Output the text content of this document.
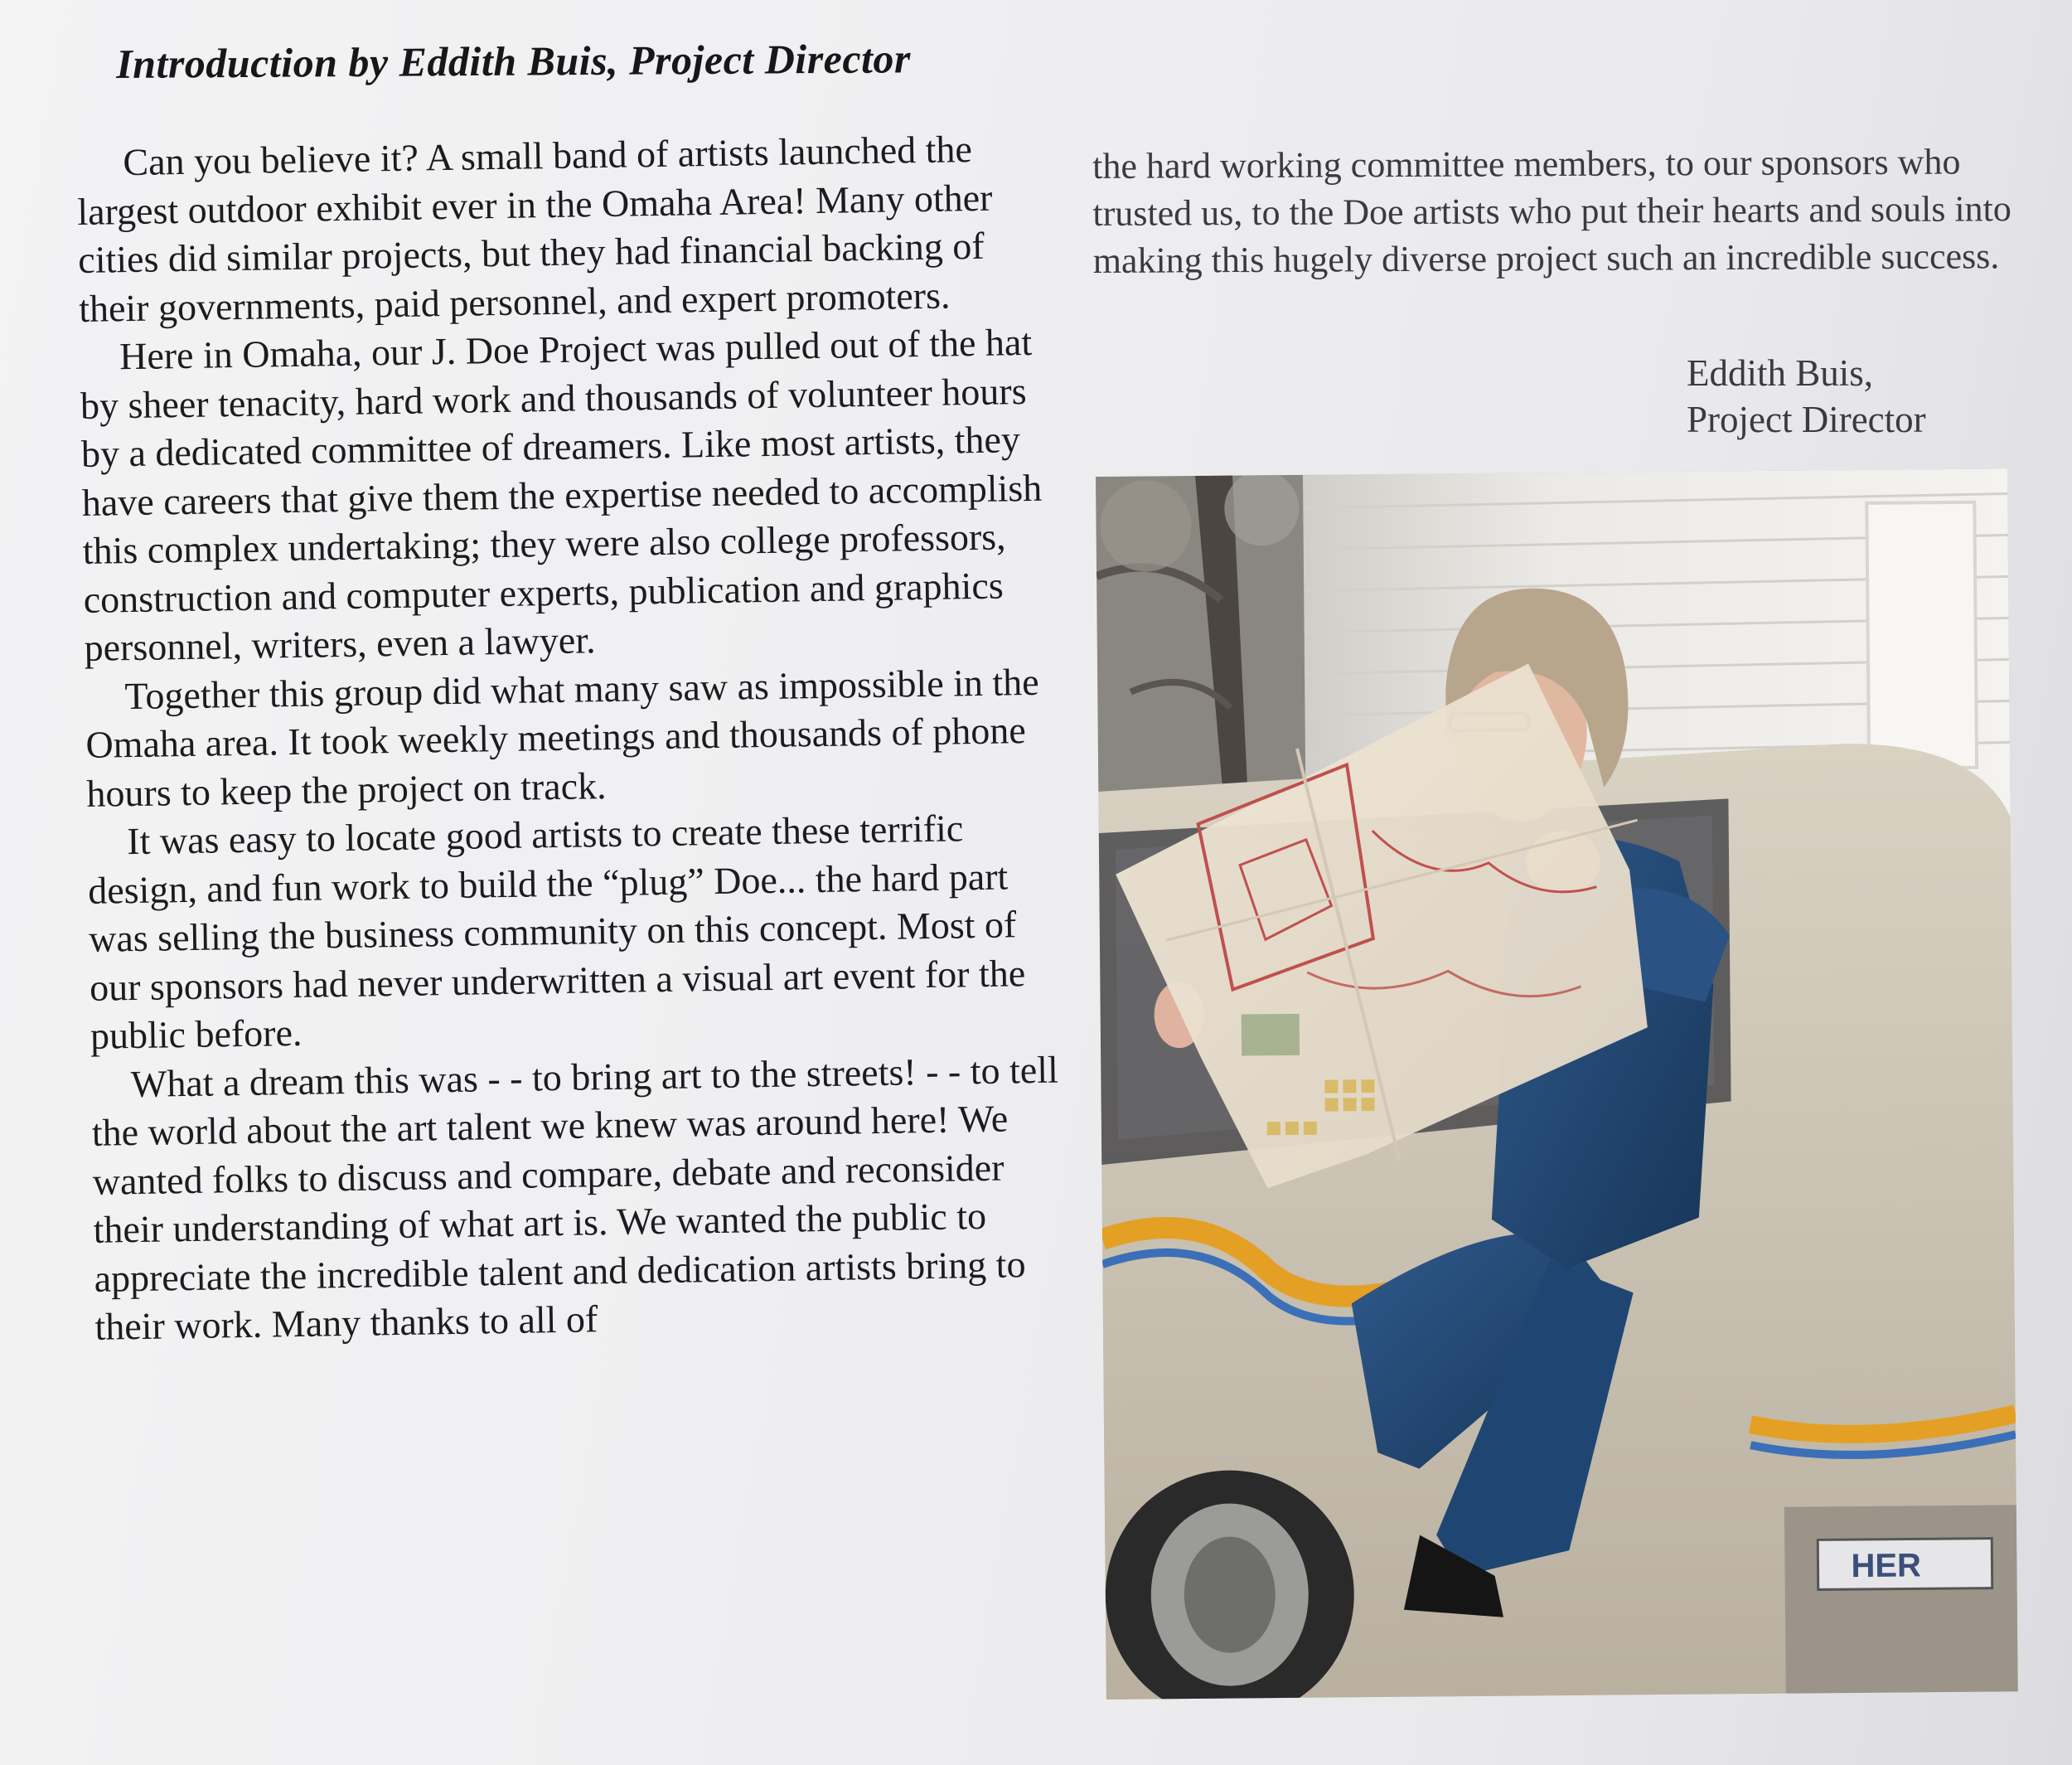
Introduction by Eddith Buis, Project Director

Can you believe it? A small band of artists launched the largest outdoor exhibit ever in the Omaha Area! Many other cities did similar projects, but they had financial backing of their governments, paid personnel, and expert promoters.

Here in Omaha, our J. Doe Project was pulled out of the hat by sheer tenacity, hard work and thousands of volunteer hours by a dedicated committee of dreamers. Like most artists, they have careers that give them the expertise needed to accomplish this complex undertaking; they were also college professors, construction and computer experts, publication and graphics personnel, writers, even a lawyer.

Together this group did what many saw as impossible in the Omaha area. It took weekly meetings and thousands of phone hours to keep the project on track.

It was easy to locate good artists to create these terrific design, and fun work to build the “plug” Doe... the hard part was selling the business community on this concept. Most of our sponsors had never underwritten a visual art event for the public before.

What a dream this was - - to bring art to the streets! - - to tell the world about the art talent we knew was around here! We wanted folks to discuss and compare, debate and reconsider their understanding of what art is. We wanted the public to appreciate the incredible talent and dedication artists bring to their work. Many thanks to all of

the hard working committee members, to our sponsors who trusted us, to the Doe artists who put their hearts and souls into making this hugely diverse project such an incredible success.

Eddith Buis,
Project Director
HER
